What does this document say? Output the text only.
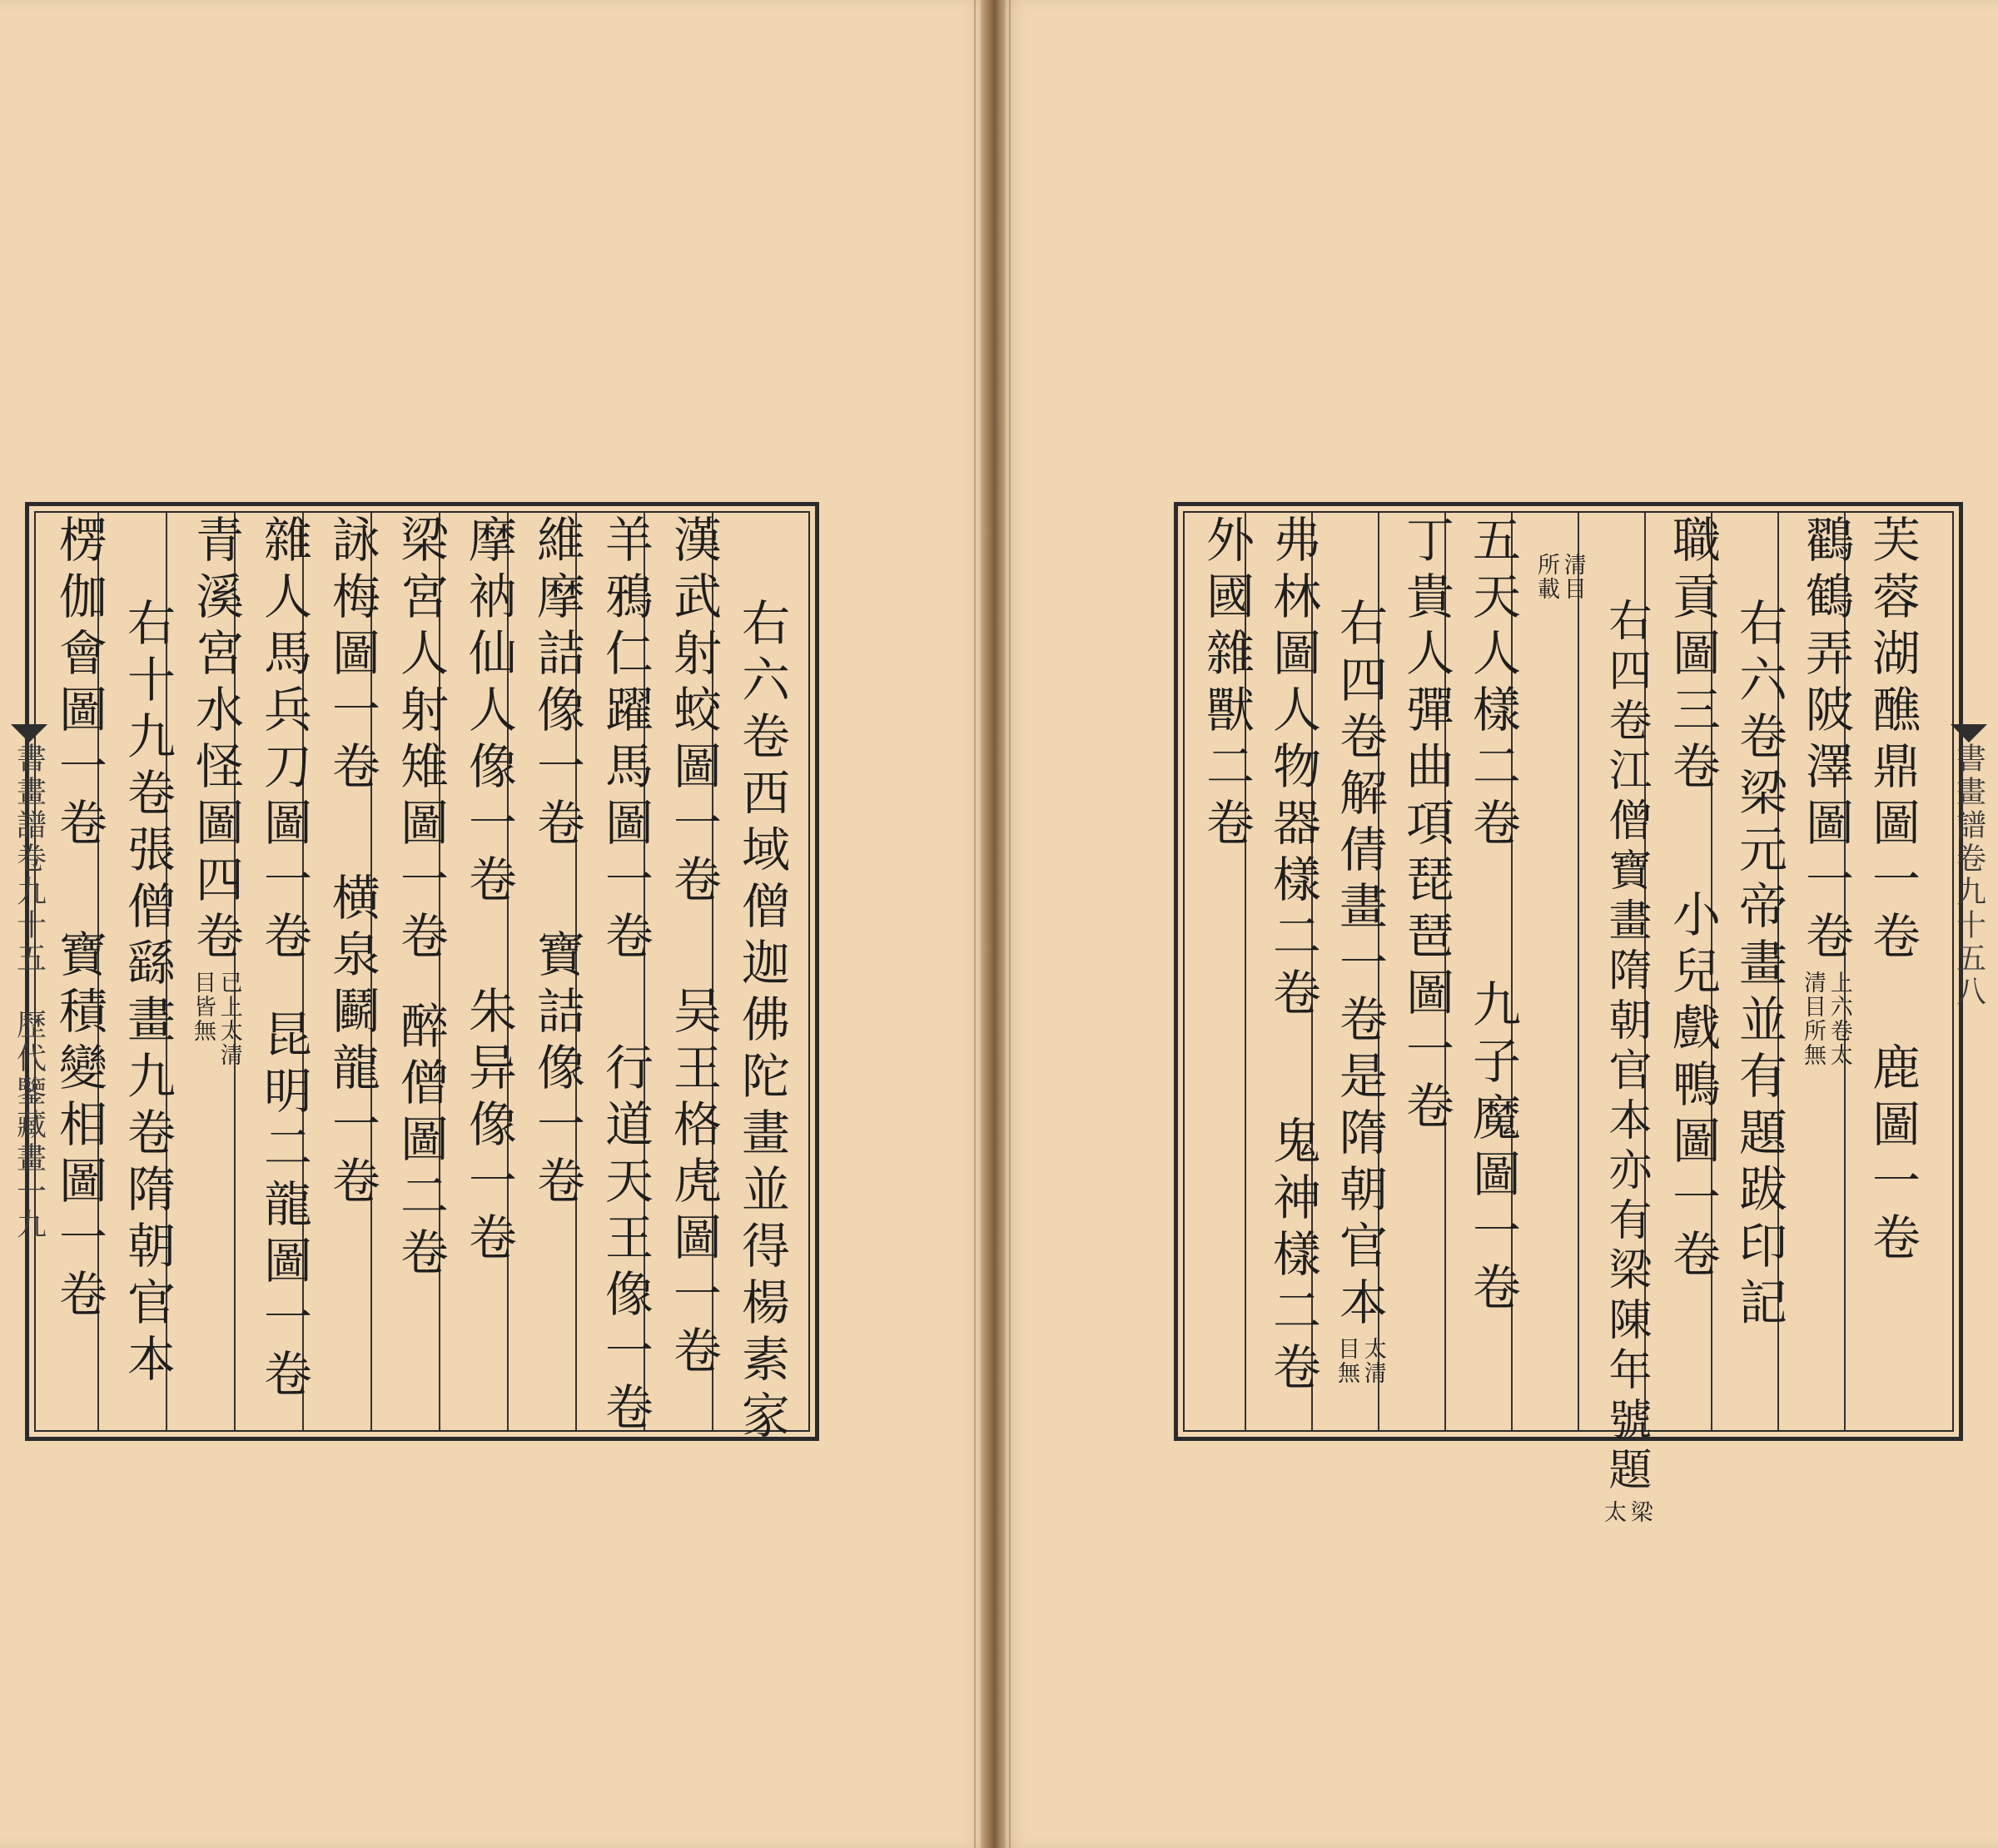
右六卷西域僧迦佛陀畫並得楊素家
漢武射蛟圖一卷
吴王格虎圖一卷
羊鴉仁躍馬圖一卷
行道天王像一卷
維摩詰像一卷
寶詰像一卷
摩衲仙人像一卷
朱异像一卷
梁宮人射雉圖一卷
醉僧圖二卷
詠梅圖一卷
横泉鬬龍一卷
雜人馬兵刀圖一卷
昆明二龍圖一卷
青溪宮水怪圖四卷
已上太清
目皆無
右十九卷張僧繇畫九卷隋朝官本
楞伽會圖一卷
寶積變相圖一卷
書畫譜卷九十五　歷代鑒藏畫一
九
芙蓉湖醮鼎圖一卷
鹿圖一卷
鸐鶴弄陂澤圖一卷
上六卷太
清目所無
右六卷梁元帝畫並有題跋印記
職貢圖三卷
小兒戲鴨圖一卷
右四卷江僧寶畫隋朝官本亦有梁陳年號題
梁
太
清目
所載
五天人樣二卷
九子魔圖一卷
丁貴人彈曲項琵琶圖一卷
右四卷解倩畫一卷是隋朝官本
太清
目無
弗林圖人物器樣二卷
鬼神樣二卷
外國雜獸二卷
書畫譜卷九十五
八
